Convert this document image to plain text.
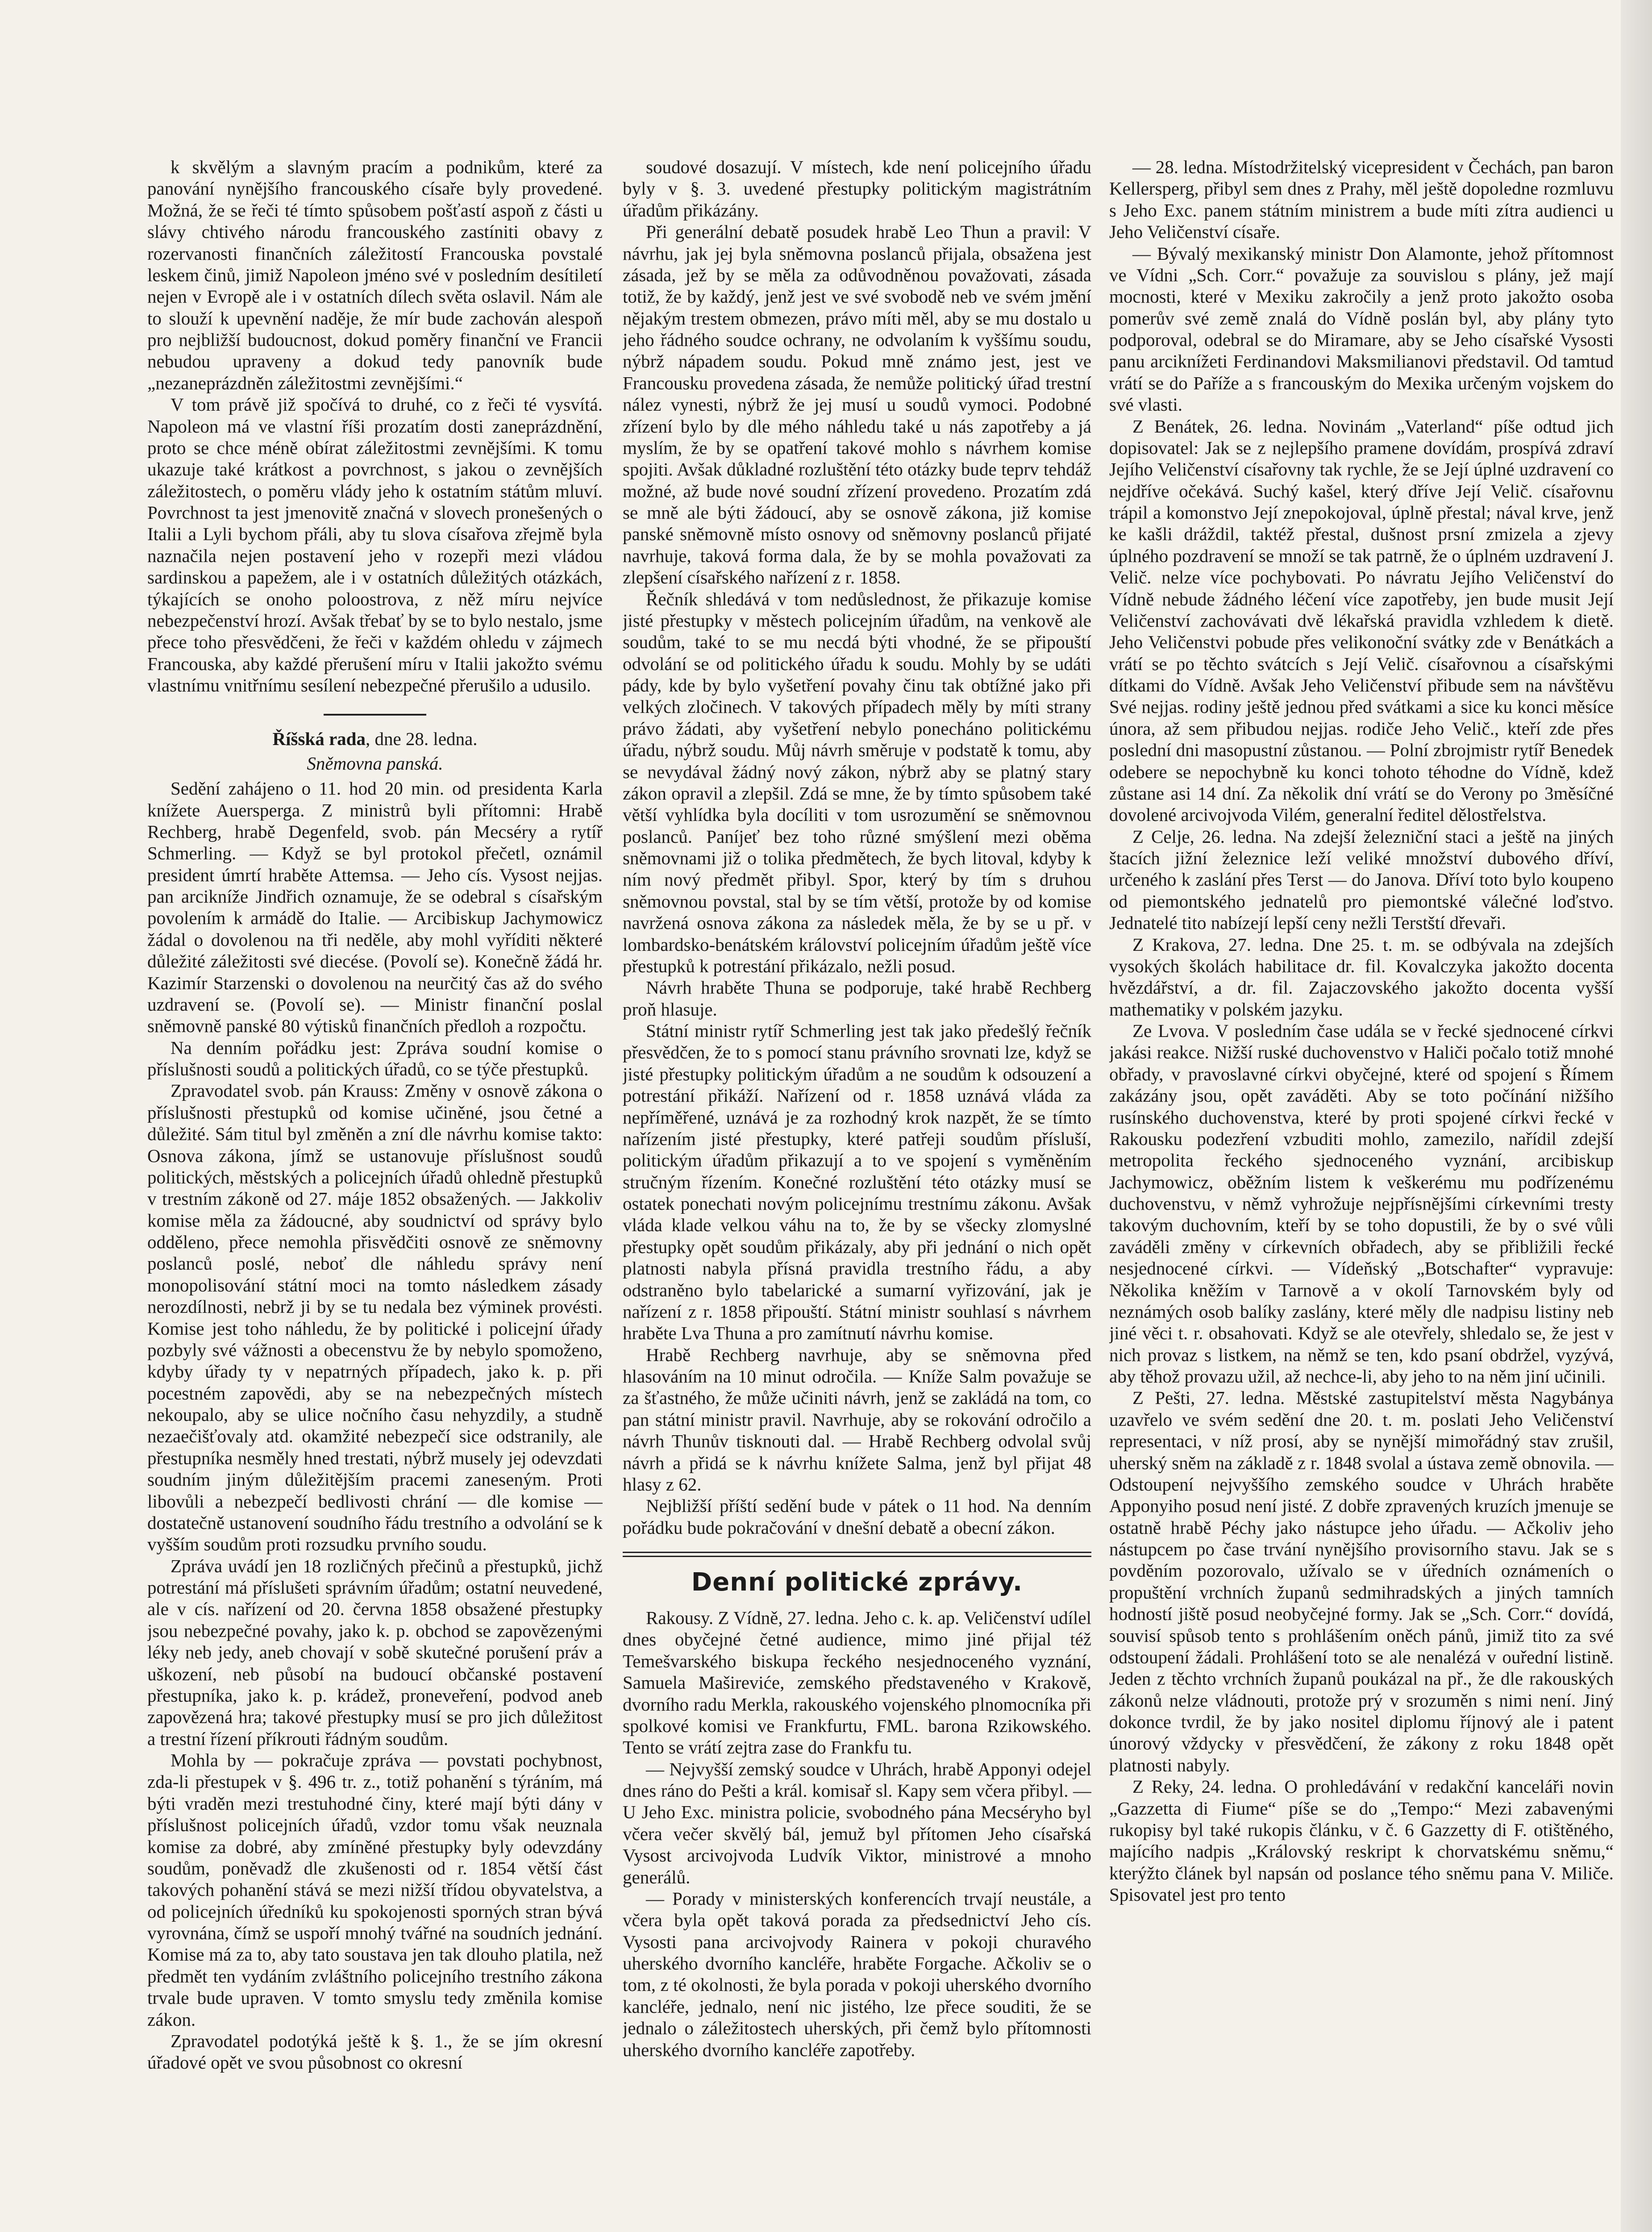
k skvělým a slavným pracím a podnikům, které za panování nynějšího francouského císaře byly provedené. Možná, že se řeči té tímto spůsobem pošťastí aspoň z části u slávy chtivého národu francouského zastíniti obavy z rozervanosti finančních záležitostí Francouska povstalé leskem činů, jimiž Napoleon jméno své v posledním desítiletí nejen v Evropě ale i v ostatních dílech světa oslavil. Nám ale to slouží k upevnění naděje, že mír bude zachován alespoň pro nejbližší budoucnost, dokud poměry finanční ve Francii nebudou upraveny a dokud tedy panovník bude „nezaneprázdněn záležitostmi zevnějšími.“

V tom právě již spočívá to druhé, co z řeči té vysvítá. Napoleon má ve vlastní říši prozatím dosti zaneprázdnění, proto se chce méně obírat záležitostmi zevnějšími. K tomu ukazuje také krátkost a povrchnost, s jakou o zevnějších záležitostech, o poměru vlády jeho k ostatním státům mluví. Povrchnost ta jest jmenovitě značná v slovech pronešených o Italii a Lyli bychom přáli, aby tu slova císařova zřejmě byla naznačila nejen postavení jeho v rozepři mezi vládou sardinskou a papežem, ale i v ostatních důležitých otázkách, týkajících se onoho poloostrova, z něž míru nejvíce nebezpečenství hrozí. Avšak třebať by se to bylo nestalo, jsme přece toho přesvědčeni, že řeči v každém ohledu v zájmech Francouska, aby každé přerušení míru v Italii jakožto svému vlastnímu vnitřnímu sesílení nebezpečné přerušilo a udusilo.

Říšská rada, dne 28. ledna.
Sněmovna panská.

Sedění zahájeno o 11. hod 20 min. od presidenta Karla knížete Auersperga. Z ministrů byli přítomni: Hrabě Rechberg, hrabě Degenfeld, svob. pán Mecséry a rytíř Schmerling. — Když se byl protokol přečetl, oznámil president úmrtí hraběte Attemsa. — Jeho cís. Vysost nejjas. pan arcikníže Jindřich oznamuje, že se odebral s císařským povolením k armádě do Italie. — Arcibiskup Jachymowicz žádal o dovolenou na tři neděle, aby mohl vyříditi některé důležité záležitosti své diecése. (Povolí se). Konečně žádá hr. Kazimír Starzenski o dovolenou na neurčitý čas až do svého uzdravení se. (Povolí se). — Ministr finanční poslal sněmovně panské 80 výtisků finančních předloh a rozpočtu.

Na denním pořádku jest: Zpráva soudní komise o příslušnosti soudů a politických úřadů, co se týče přestupků.

Zpravodatel svob. pán Krauss: Změny v osnově zákona o příslušnosti přestupků od komise učiněné, jsou četné a důležité. Sám titul byl změněn a zní dle návrhu komise takto: Osnova zákona, jímž se ustanovuje příslušnost soudů politických, městských a policejních úřadů ohledně přestupků v trestním zákoně od 27. máje 1852 obsažených. — Jakkoliv komise měla za žádoucné, aby soudnictví od správy bylo odděleno, přece nemohla přisvědčiti osnově ze sněmovny poslanců poslé, neboť dle náhledu správy není monopolisování státní moci na tomto následkem zásady nerozdílnosti, nebrž ji by se tu nedala bez výminek provésti. Komise jest toho náhledu, že by politické i policejní úřady pozbyly své vážnosti a obecenstvu že by nebylo spomoženo, kdyby úřady ty v nepatrných případech, jako k. p. při pocestném zapovědi, aby se na nebezpečných místech nekoupalo, aby se ulice nočního času nehyzdily, a studně nezaečišťovaly atd. okamžité nebezpečí sice odstranily, ale přestupníka nesměly hned trestati, nýbrž musely jej odevzdati soudním jiným důležitějším pracemi zaneseným. Proti libovůli a nebezpečí bedlivosti chrání — dle komise — dostatečně ustanovení soudního řádu trestního a odvolání se k vyšším soudům proti rozsudku prvního soudu.

Zpráva uvádí jen 18 rozličných přečinů a přestupků, jichž potrestání má příslušeti správním úřadům; ostatní neuvedené, ale v cís. nařízení od 20. června 1858 obsažené přestupky jsou nebezpečné povahy, jako k. p. obchod se zapovězenými léky neb jedy, aneb chovají v sobě skutečné porušení práv a uškození, neb působí na budoucí občanské postavení přestupníka, jako k. p. krádež, proneveření, podvod aneb zapovězená hra; takové přestupky musí se pro jich důležitost a trestní řízení příkrouti řádným soudům.

Mohla by — pokračuje zpráva — povstati pochybnost, zda-li přestupek v §. 496 tr. z., totiž pohanění s týráním, má býti vraděn mezi trestuhodné činy, které mají býti dány v příslušnost policejních úřadů, vzdor tomu však neuznala komise za dobré, aby zmíněné přestupky byly odevzdány soudům, poněvadž dle zkušenosti od r. 1854 větší část takových pohanění stává se mezi nižší třídou obyvatelstva, a od policejních úředníků ku spokojenosti sporných stran bývá vyrovnána, čímž se uspoří mnohý tvářné na soudních jednání. Komise má za to, aby tato soustava jen tak dlouho platila, než předmět ten vydáním zvláštního policejního trestního zákona trvale bude upraven. V tomto smyslu tedy změnila komise zákon.

Zpravodatel podotýká ještě k §. 1., že se jím okresní úřadové opět ve svou působnost co okresní

soudové dosazují. V místech, kde není policejního úřadu byly v §. 3. uvedené přestupky politickým magistrátním úřadům přikázány.

Při generální debatě posudek hrabě Leo Thun a pravil: V návrhu, jak jej byla sněmovna poslanců přijala, obsažena jest zásada, jež by se měla za odůvodněnou považovati, zásada totiž, že by každý, jenž jest ve své svobodě neb ve svém jmění nějakým trestem obmezen, právo míti měl, aby se mu dostalo u jeho řádného soudce ochrany, ne odvolaním k vyššímu soudu, nýbrž nápadem soudu. Pokud mně známo jest, jest ve Francousku provedena zásada, že nemůže politický úřad trestní nález vynesti, nýbrž že jej musí u soudů vymoci. Podobné zřízení bylo by dle mého náhledu také u nás zapotřeby a já myslím, že by se opatření takové mohlo s návrhem komise spojiti. Avšak důkladné rozluštění této otázky bude teprv tehdáž možné, až bude nové soudní zřízení provedeno. Prozatím zdá se mně ale býti žádoucí, aby se osnově zákona, již komise panské sněmovně místo osnovy od sněmovny poslanců přijaté navrhuje, taková forma dala, že by se mohla považovati za zlepšení císařského nařízení z r. 1858.

Řečník shledává v tom nedůslednost, že přikazuje komise jisté přestupky v městech policejním úřadům, na venkově ale soudům, také to se mu necdá býti vhodné, že se připouští odvolání se od politického úřadu k soudu. Mohly by se udáti pády, kde by bylo vyšetření povahy činu tak obtížné jako při velkých zločinech. V takových případech měly by míti strany právo žádati, aby vyšetření nebylo ponecháno politickému úřadu, nýbrž soudu. Můj návrh směruje v podstatě k tomu, aby se nevydával žádný nový zákon, nýbrž aby se platný stary zákon opravil a zlepšil. Zdá se mne, že by tímto spůsobem také větší vyhlídka byla docíliti v tom usrozumění se sněmovnou poslanců. Paníjeť bez toho různé smýšlení mezi oběma sněmovnami již o tolika předmětech, že bych litoval, kdyby k ním nový předmět přibyl. Spor, který by tím s druhou sněmovnou povstal, stal by se tím větší, protože by od komise navržená osnova zákona za následek měla, že by se u př. v lombardsko-benátském království policejním úřadům ještě více přestupků k potrestání přikázalo, nežli posud.

Návrh hraběte Thuna se podporuje, také hrabě Rechberg proň hlasuje.

Státní ministr rytíř Schmerling jest tak jako předešlý řečník přesvědčen, že to s pomocí stanu právního srovnati lze, když se jisté přestupky politickým úřadům a ne soudům k odsouzení a potrestání přikáží. Nařízení od r. 1858 uznává vláda za nepříměřené, uznává je za rozhodný krok nazpět, že se tímto nařízením jisté přestupky, které patřeji soudům přísluší, politickým úřadům přikazují a to ve spojení s vyměněním stručným řízením. Konečné rozluštění této otázky musí se ostatek ponechati novým policejnímu trestnímu zákonu. Avšak vláda klade velkou váhu na to, že by se všecky zlomyslné přestupky opět soudům přikázaly, aby při jednání o nich opět platnosti nabyla přísná pravidla trestního řádu, a aby odstraněno bylo tabelarické a sumarní vyřizování, jak je nařízení z r. 1858 připouští. Státní ministr souhlasí s návrhem hraběte Lva Thuna a pro zamítnutí návrhu komise.

Hrabě Rechberg navrhuje, aby se sněmovna před hlasováním na 10 minut odročila. — Kníže Salm považuje se za šťastného, že může učiniti návrh, jenž se zakládá na tom, co pan státní ministr pravil. Navrhuje, aby se rokování odročilo a návrh Thunův tisknouti dal. — Hrabě Rechberg odvolal svůj návrh a přidá se k návrhu knížete Salma, jenž byl přijat 48 hlasy z 62.

Nejbližší příští sedění bude v pátek o 11 hod. Na denním pořádku bude pokračování v dnešní debatě a obecní zákon.

Denní politické zprávy.

Rakousy. Z Vídně, 27. ledna. Jeho c. k. ap. Veličenství udílel dnes obyčejné četné audience, mimo jiné přijal též Temešvarského biskupa řeckého nesjednoceného vyznání, Samuela Mašireviće, zemského představeného v Krakově, dvorního radu Merkla, rakouského vojenského plnomocníka při spolkové komisi ve Frankfurtu, FML. barona Rzikowského. Tento se vrátí zejtra zase do Frankfu tu.

— Nejvyšší zemský soudce v Uhrách, hrabě Apponyi odejel dnes ráno do Pešti a král. komisař sl. Kapy sem včera přibyl. — U Jeho Exc. ministra policie, svobodného pána Mecséryho byl včera večer skvělý bál, jemuž byl přítomen Jeho císařská Vysost arcivojvoda Ludvík Viktor, ministrové a mnoho generálů.

— Porady v ministerských konferencích trvají neustále, a včera byla opět taková porada za předsednictví Jeho cís. Vysosti pana arcivojvody Rainera v pokoji churavého uherského dvorního kancléře, hraběte Forgache. Ačkoliv se o tom, z té okolnosti, že byla porada v pokoji uherského dvorního kancléře, jednalo, není nic jistého, lze přece souditi, že se jednalo o záležitostech uherských, při čemž bylo přítomnosti uherského dvorního kancléře zapotřeby.

— 28. ledna. Místodržitelský vicepresident v Čechách, pan baron Kellersperg, přibyl sem dnes z Prahy, měl ještě dopoledne rozmluvu s Jeho Exc. panem státním ministrem a bude míti zítra audienci u Jeho Veličenství císaře.

— Bývalý mexikanský ministr Don Alamonte, jehož přítomnost ve Vídni „Sch. Corr.“ považuje za souvislou s plány, jež mají mocnosti, které v Mexiku zakročily a jenž proto jakožto osoba pomerův své země znalá do Vídně poslán byl, aby plány tyto podporoval, odebral se do Miramare, aby se Jeho císařské Vysosti panu arciknížeti Ferdinandovi Maksmilianovi představil. Od tamtud vrátí se do Paříže a s francouským do Mexika určeným vojskem do své vlasti.

Z Benátek, 26. ledna. Novinám „Vaterland“ píše odtud jich dopisovatel: Jak se z nejlepšího pramene dovídám, prospívá zdraví Jejího Veličenství císařovny tak rychle, že se Její úplné uzdravení co nejdříve očekává. Suchý kašel, který dříve Její Velič. císařovnu trápil a komonstvo Její znepokojoval, úplně přestal; nával krve, jenž ke kašli dráždil, taktéž přestal, dušnost prsní zmizela a zjevy úplného pozdravení se množí se tak patrně, že o úplném uzdravení J. Velič. nelze více pochybovati. Po návratu Jejího Veličenství do Vídně nebude žádného léčení více zapotřeby, jen bude musit Její Veličenství zachovávati dvě lékařská pravidla vzhledem k dietě. Jeho Veličenstvi pobude přes velikonoční svátky zde v Benátkách a vrátí se po těchto svátcích s Její Velič. císařovnou a císařskými dítkami do Vídně. Avšak Jeho Veličenství přibude sem na návštěvu Své nejjas. rodiny ještě jednou před svátkami a sice ku konci měsíce února, až sem přibudou nejjas. rodiče Jeho Velič., kteří zde přes poslední dni masopustní zůstanou. — Polní zbrojmistr rytíř Benedek odebere se nepochybně ku konci tohoto téhodne do Vídně, kdež zůstane asi 14 dní. Za několik dní vrátí se do Verony po 3měsíčné dovolené arcivojvoda Vilém, generalní ředitel dělostřelstva.

Z Celje, 26. ledna. Na zdejší železniční staci a ještě na jiných štacích jižní železnice leží veliké množství dubového dříví, určeného k zaslání přes Terst — do Janova. Dříví toto bylo koupeno od piemontského jednatelů pro piemontské válečné loďstvo. Jednatelé tito nabízejí lepší ceny nežli Terstští dřevaři.

Z Krakova, 27. ledna. Dne 25. t. m. se odbývala na zdejších vysokých školách habilitace dr. fil. Kovalczyka jakožto docenta hvězdářství, a dr. fil. Zajaczovského jakožto docenta vyšší mathematiky v polském jazyku.

Ze Lvova. V posledním čase udála se v řecké sjednocené církvi jakási reakce. Nižší ruské duchovenstvo v Haliči počalo totiž mnohé obřady, v pravoslavné církvi obyčejné, které od spojení s Římem zakázány jsou, opět zaváděti. Aby se toto počínání nižšího rusínského duchovenstva, které by proti spojené církvi řecké v Rakousku podezření vzbuditi mohlo, zamezilo, nařídil zdejší metropolita řeckého sjednoceného vyznání, arcibiskup Jachymowicz, oběžním listem k veškerému mu podřízenému duchovenstvu, v němž vyhrožuje nejpřísnějšími církevními tresty takovým duchovním, kteří by se toho dopustili, že by o své vůli zaváděli změny v církevních obřadech, aby se přibližili řecké nesjednocené církvi. — Vídeňský „Botschafter“ vypravuje: Několika kněžím v Tarnově a v okolí Tarnovském byly od neznámých osob balíky zaslány, které měly dle nadpisu listiny neb jiné věci t. r. obsahovati. Když se ale otevřely, shledalo se, že jest v nich provaz s listkem, na němž se ten, kdo psaní obdržel, vyzývá, aby těhož provazu užil, až nechce-li, aby jeho to na něm jiní učinili.

Z Pešti, 27. ledna. Městské zastupitelství města Nagybánya uzavřelo ve svém sedění dne 20. t. m. poslati Jeho Veličenství representaci, v níž prosí, aby se nynější mimořádný stav zrušil, uherský sněm na základě z r. 1848 svolal a ústava země obnovila. — Odstoupení nejvyššího zemského soudce v Uhrách hraběte Apponyiho posud není jisté. Z dobře zpravených kruzích jmenuje se ostatně hrabě Péchy jako nástupce jeho úřadu. — Ačkoliv jeho nástupcem po čase trvání nynějšího provisorního stavu. Jak se s povděním pozorovalo, užívalo se v úředních oznámeních o propuštění vrchních županů sedmihradských a jiných tamních hodností jiště posud neobyčejné formy. Jak se „Sch. Corr.“ dovídá, souvisí spůsob tento s prohlášením oněch pánů, jimiž tito za své odstoupení žádali. Prohlášení toto se ale nenalézá v ouřední listině. Jeden z těchto vrchních županů poukázal na př., že dle rakouských zákonů nelze vládnouti, protože prý v srozuměn s nimi není. Jiný dokonce tvrdil, že by jako nositel diplomu říjnový ale i patent únorový vždycky v přesvědčení, že zákony z roku 1848 opět platnosti nabyly.

Z Reky, 24. ledna. O prohledávání v redakční kanceláři novin „Gazzetta di Fiume“ píše se do „Tempo:“ Mezi zabavenými rukopisy byl také rukopis článku, v č. 6 Gazzetty di F. otištěného, majícího nadpis „Královský reskript k chorvatskému sněmu,“ kterýžto článek byl napsán od poslance tého sněmu pana V. Miliče. Spisovatel jest pro tento
